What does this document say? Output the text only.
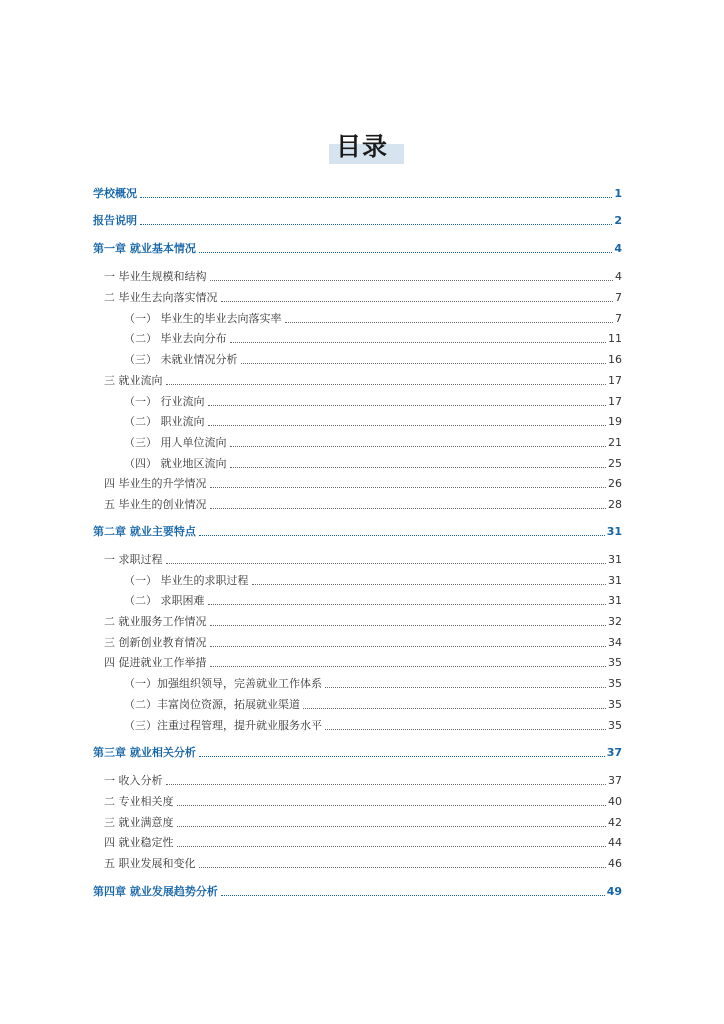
目录
学校概况	1
报告说明	2
第一章 就业基本情况	4
一 毕业生规模和结构	4
二 毕业生去向落实情况	7
（一） 毕业生的毕业去向落实率	7
（二） 毕业去向分布	11
（三） 未就业情况分析	16
三 就业流向	17
（一） 行业流向	17
（二） 职业流向	19
（三） 用人单位流向	21
（四） 就业地区流向	25
四 毕业生的升学情况	26
五 毕业生的创业情况	28
第二章 就业主要特点	31
一 求职过程	31
（一） 毕业生的求职过程	31
（二） 求职困难	31
二 就业服务工作情况	32
三 创新创业教育情况	34
四 促进就业工作举措	35
（一）加强组织领导，完善就业工作体系	35
（二）丰富岗位资源，拓展就业渠道	35
（三）注重过程管理，提升就业服务水平	35
第三章 就业相关分析	37
一 收入分析	37
二 专业相关度	40
三 就业满意度	42
四 就业稳定性	44
五 职业发展和变化	46
第四章 就业发展趋势分析	49
